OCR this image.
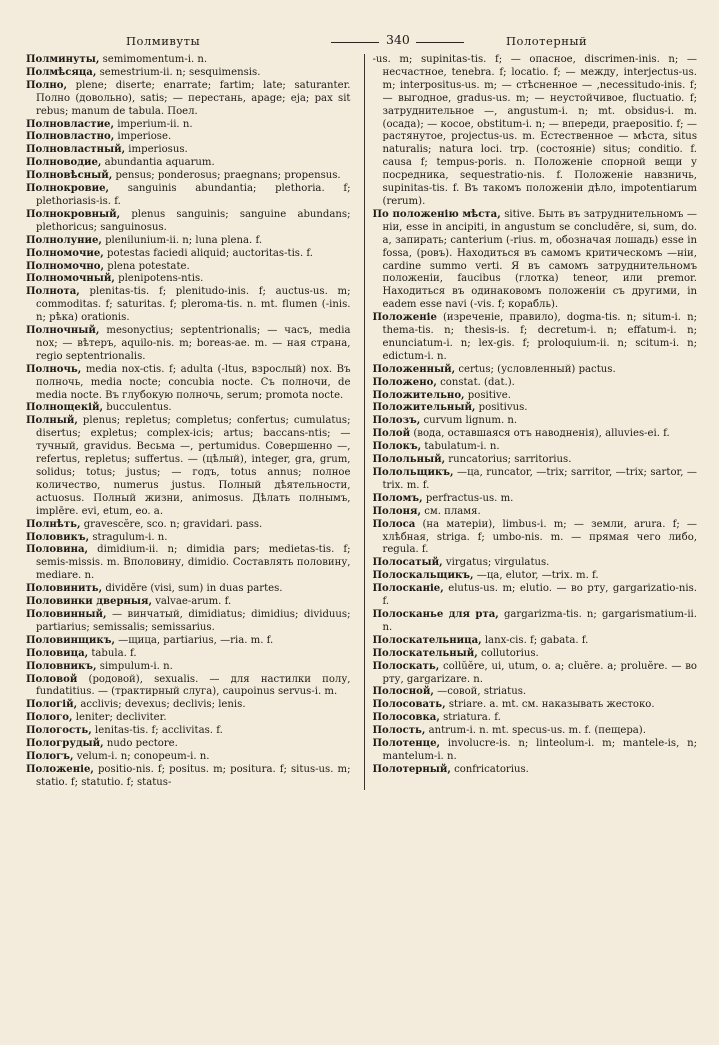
Полмивуты	340	Полотерный

Полминуты, semimomentum-i. n.

Полмѣсяца, semestrium-ii. n; sesquimensis.

Полно, plene; diserte; enarrate; fartim; late; saturanter. Полно (довольно), satis; — перестань, apage; eja; pax sit rebus; manum de tabula. Поел.

Полновластие, imperium-ii. n.

Полновластно, imperiose.

Полновластный, imperiosus.

Полноводие, abundantia aquarum.

Полновѣсный, pensus; ponderosus; praegnans; propensus.

Полнокровие, sanguinis abundantia; plethoria. f; plethoriasis-is. f.

Полнокровный, plenus sanguinis; sanguine abundans; plethoricus; sanguinosus.

Полнолуние, plenilunium-ii. n; luna plena. f.

Полномочие, potestas faciedi aliquid; auctoritas-tis. f.

Полномочно, plena potestate.

Полномочный, plenipotens-ntis.

Полнота, plenitas-tis. f; plenitudo-inis. f; auctus-us. m; commoditas. f; saturitas. f; pleroma-tis. n. mt. flumen (-inis. n; рѣка) orationis.

Полночный, mesonyctius; septentrionalis; — часъ, media nox; — вѣтеръ, aquilo-nis. m; boreas-ae. m. — ная страна, regio septentrionalis.

Полночь, media nox-ctis. f; adulta (-ltus, взрослый) nox. Въ полночь, media nocte; concubia nocte. Съ полночи, de media nocte. Въ глубокую полночь, serum; promota nocte.

Полнощекій, bucculentus.

Полный, plenus; repletus; completus; confertus; cumulatus; disertus; expletus; complex-icis; artus; baccans-ntis; — тучный, gravidus. Весьма —, pertumidus. Совершенно —, refertus, repletus; suffertus. — (цѣлый), integer, gra, grum, solidus; totus; justus; — годъ, totus annus; полное количество, numerus justus. Полный дѣятельности, actuosus. Полный жизни, animosus. Дѣлать полнымъ, implēre. evi, etum, eo. a.

Полнѣть, gravescĕre, sco. n; gravidari. pass.

Половикъ, stragulum-i. n.

Половина, dimidium-ii. n; dimidia pars; medietas-tis. f; semis-missis. m. Вполовину, dimidio. Составлять половину, mediare. n.

Половинить, dividĕre (visi, sum) in duas partes.

Половинки дверныя, valvae-arum. f.

Половинный, — винчатый, dimidiatus; dimidius; dividuus; partiarius; semissalis; semissarius.

Половинщикъ, —щица, partiarius, —ria. m. f.

Половица, tabula. f.

Половникъ, simpulum-i. n.

Половой (родовой), sexualis. — для настилки полу, fundatitius. — (трактирный слуга), caupoinus servus-i. m.

Пологій, acclivis; devexus; declivis; lenis.

Полого, leniter; decliviter.

Пологость, lenitas-tis. f; acclivitas. f.

Пологрудый, nudo pectore.

Пологъ, velum-i. n; conopeum-i. n.

Положеніе, positio-nis. f; positus. m; positura. f; situs-us. m; statio. f; statutio. f; status-

-us. m; supinitas-tis. f; — опасное, discrimen-inis. n; — несчастное, tenebra. f; locatio. f; — между, interjectus-us. m; interpositus-us. m; — стѣсненное — ,necessitudo-inis. f; — выгодное, gradus-us. m; — неустойчивое, fluctuatio. f; затруднительное —, angustum-i. n; mt. obsidus-i. m. (осада); — косое, obstitum-i. n; — впереди, praepositio. f; — растянутое, projectus-us. m. Естественное — мѣста, situs naturalis; natura loci. trp. (состояніе) situs; conditio. f. causa f; tempus-poris. n. Положеніе спорной вещи у посредника, sequestratio-nis. f. Положеніе навзничь, supinitas-tis. f. Въ такомъ положеніи дѣло, impotentiarum (rerum).

По положенію мѣста, sitive. Быть въ затруднительномъ —ніи, esse in ancipiti, in angustum se concludĕre, si, sum, do. a, запирать; canterium (-rius. m, обозначая лошадь) esse in fossa, (ровъ). Находиться въ самомъ критическомъ —ніи, cardine summo verti. Я въ самомъ затруднительномъ положеніи, faucibus (глотка) teneor, или premor. Находиться въ одинаковомъ положеніи съ другими, in eadem esse navi (-vis. f; корабль).

Положеніе (изреченіе, правило), dogma-tis. n; situm-i. n; thema-tis. n; thesis-is. f; decretum-i. n; effatum-i. n; enunciatum-i. n; lex-gis. f; proloquium-ii. n; scitum-i. n; edictum-i. n.

Положенный, certus; (условленный) pactus.

Положено, constat. (dat.).

Положительно, positive.

Положительный, positivus.

Полозъ, curvum lignum. n.

Полой (вода, оставшаяся отъ наводненія), alluvies-ei. f.

Полокъ, tabulatum-i. n.

Полольный, runcatorius; sarritorius.

Полольщикъ, —ца, runcator, —trix; sarritor, —trix; sartor, —trix. m. f.

Поломъ, perfractus-us. m.

Полоня, см. пламя.

Полоса (на матеріи), limbus-i. m; — земли, arura. f; — хлѣбная, striga. f; umbo-nis. m. — прямая чего либо, regula. f.

Полосатый, virgatus; virgulatus.

Полоскальщикъ, —ца, elutor, —trix. m. f.

Полосканіе, elutus-us. m; elutio. — во рту, gargarizatio-nis. f.

Полосканье для рта, gargarizma-tis. n; gargarismatium-ii. n.

Полоскательница, lanx-cis. f; gabata. f.

Полоскательный, collutorius.

Полоскать, collŭĕre, ui, utum, o. a; cluĕre. a; proluĕre. — во рту, gargarizare. n.

Полосной, —совой, striatus.

Полосовать, striare. a. mt. см. наказывать жестоко.

Полосовка, striatura. f.

Полость, antrum-i. n. mt. specus-us. m. f. (пещера).

Полотенце, involucre-is. n; linteolum-i. m; mantele-is, n; mantelum-i. n.

Полотерный, confricatorius.
